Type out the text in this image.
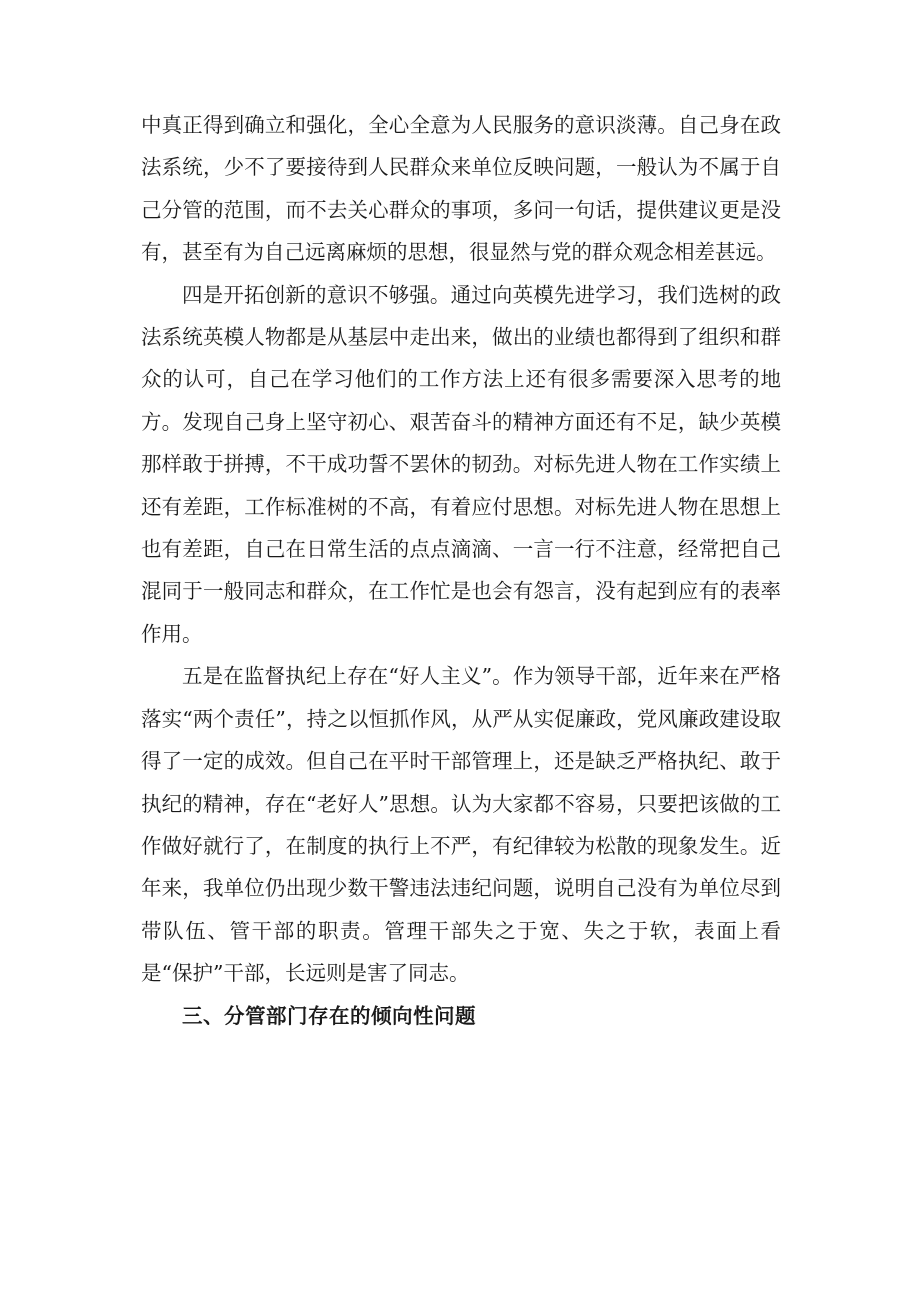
中真正得到确立和强化，全心全意为人民服务的意识淡薄。自己身在政法系统，少不了要接待到人民群众来单位反映问题，一般认为不属于自己分管的范围，而不去关心群众的事项，多问一句话，提供建议更是没有，甚至有为自己远离麻烦的思想，很显然与党的群众观念相差甚远。

四是开拓创新的意识不够强。通过向英模先进学习，我们选树的政法系统英模人物都是从基层中走出来，做出的业绩也都得到了组织和群众的认可，自己在学习他们的工作方法上还有很多需要深入思考的地方。发现自己身上坚守初心、艰苦奋斗的精神方面还有不足，缺少英模那样敢于拼搏，不干成功誓不罢休的韧劲。对标先进人物在工作实绩上还有差距，工作标准树的不高，有着应付思想。对标先进人物在思想上也有差距，自己在日常生活的点点滴滴、一言一行不注意，经常把自己混同于一般同志和群众，在工作忙是也会有怨言，没有起到应有的表率作用。

五是在监督执纪上存在“好人主义”。作为领导干部，近年来在严格落实“两个责任”，持之以恒抓作风，从严从实促廉政，党风廉政建设取得了一定的成效。但自己在平时干部管理上，还是缺乏严格执纪、敢于执纪的精神，存在“老好人”思想。认为大家都不容易，只要把该做的工作做好就行了，在制度的执行上不严，有纪律较为松散的现象发生。近年来，我单位仍出现少数干警违法违纪问题，说明自己没有为单位尽到带队伍、管干部的职责。管理干部失之于宽、失之于软，表面上看是“保护”干部，长远则是害了同志。

三、分管部门存在的倾向性问题
